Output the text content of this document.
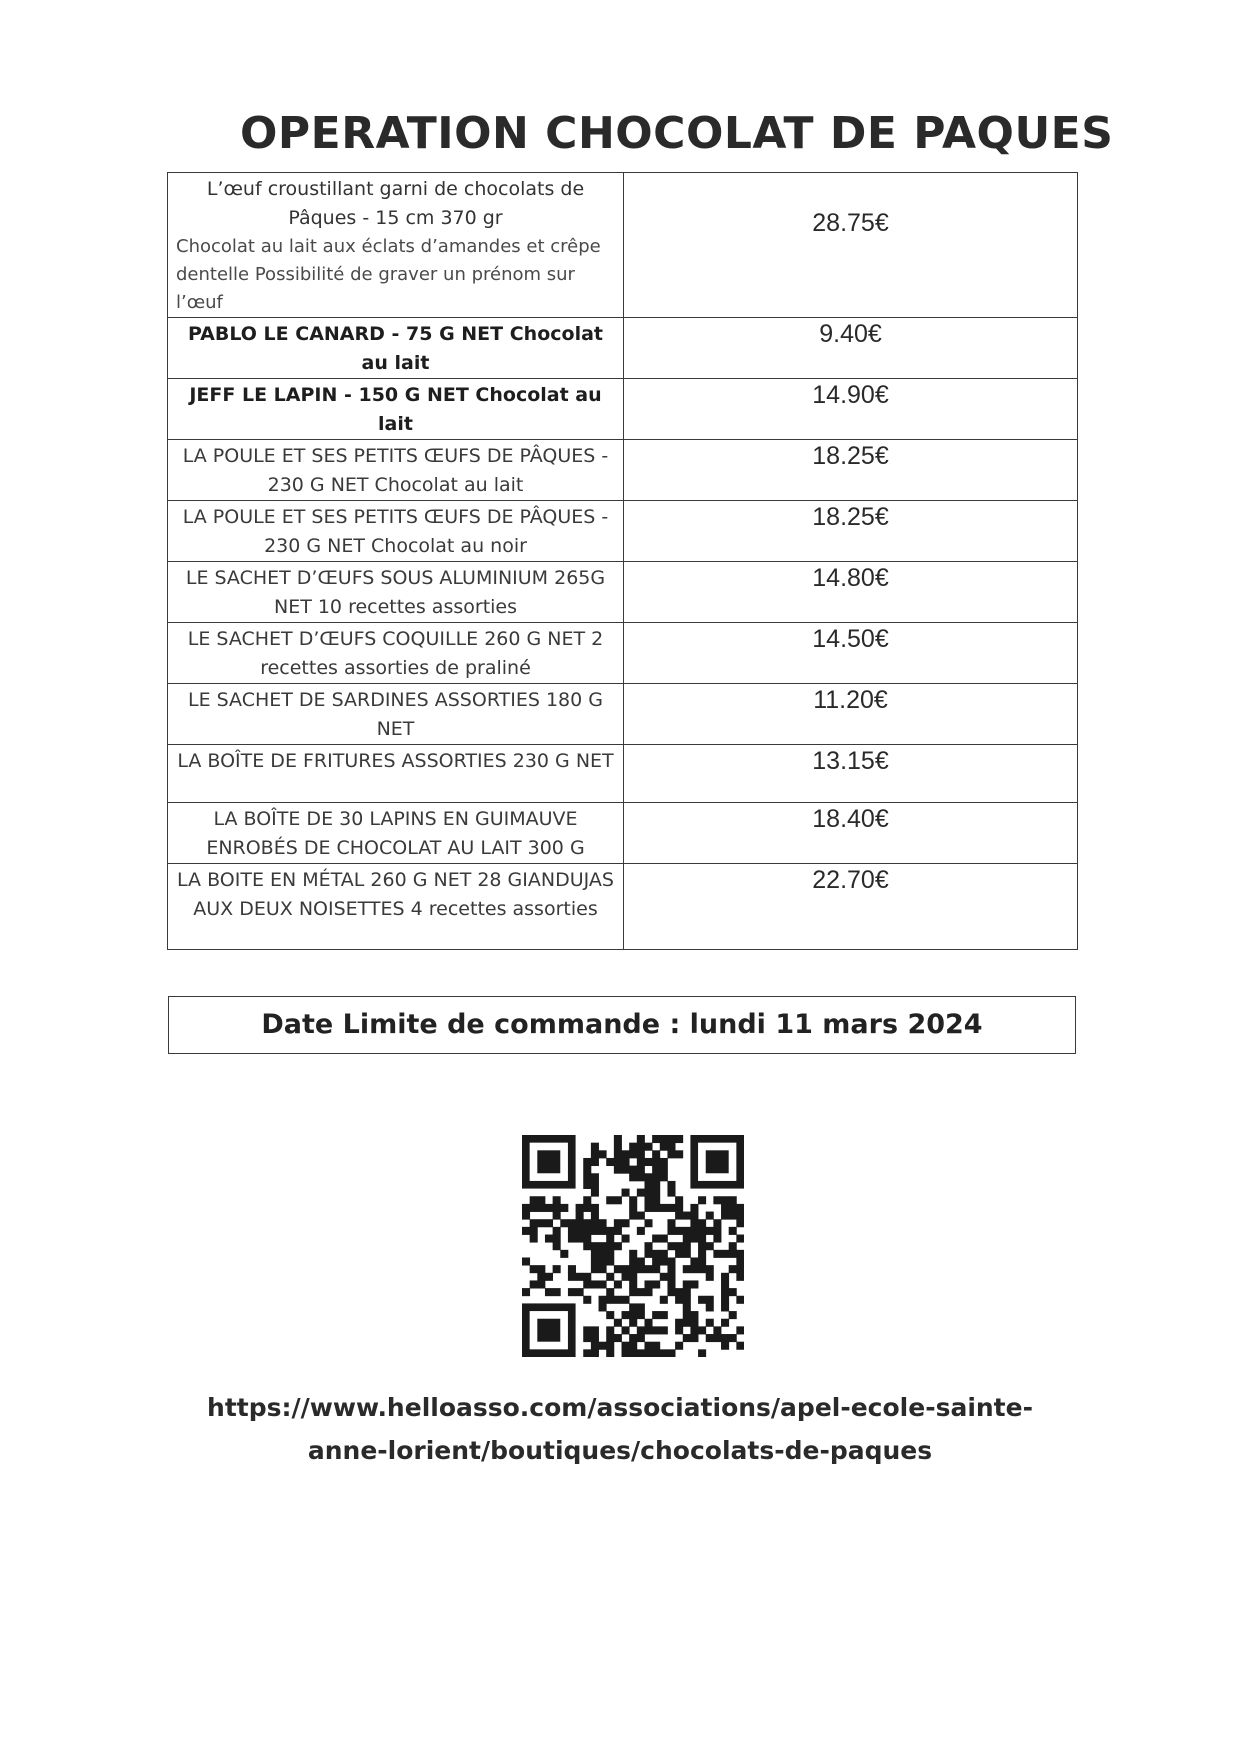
OPERATION CHOCOLAT DE PAQUES
L’œuf croustillant garni de chocolats de Pâques - 15 cm 370 gr
Chocolat au lait aux éclats d’amandes et crêpe dentelle Possibilité de graver un prénom sur l’œuf	28.75€

PABLO LE CANARD - 75 G NET Chocolat au lait	9.40€

JEFF LE LAPIN - 150 G NET Chocolat au lait	14.90€

LA POULE ET SES PETITS ŒUFS DE PÂQUES - 230 G NET Chocolat au lait	18.25€

LA POULE ET SES PETITS ŒUFS DE PÂQUES - 230 G NET Chocolat au noir	18.25€

LE SACHET D’ŒUFS SOUS ALUMINIUM 265G NET 10 recettes assorties	14.80€

LE SACHET D’ŒUFS COQUILLE 260 G NET 2 recettes assorties de praliné	14.50€

LE SACHET DE SARDINES ASSORTIES 180 G NET	11.20€

LA BOÎTE DE FRITURES ASSORTIES 230 G NET	13.15€

LA BOÎTE DE 30 LAPINS EN GUIMAUVE ENROBÉS DE CHOCOLAT AU LAIT 300 G	18.40€

LA BOITE EN MÉTAL 260 G NET 28 GIANDUJAS AUX DEUX NOISETTES 4 recettes assorties	22.70€
Date Limite de commande : lundi 11 mars 2024
https://www.helloasso.com/associations/apel-ecole-sainte-
anne-lorient/boutiques/chocolats-de-paques
